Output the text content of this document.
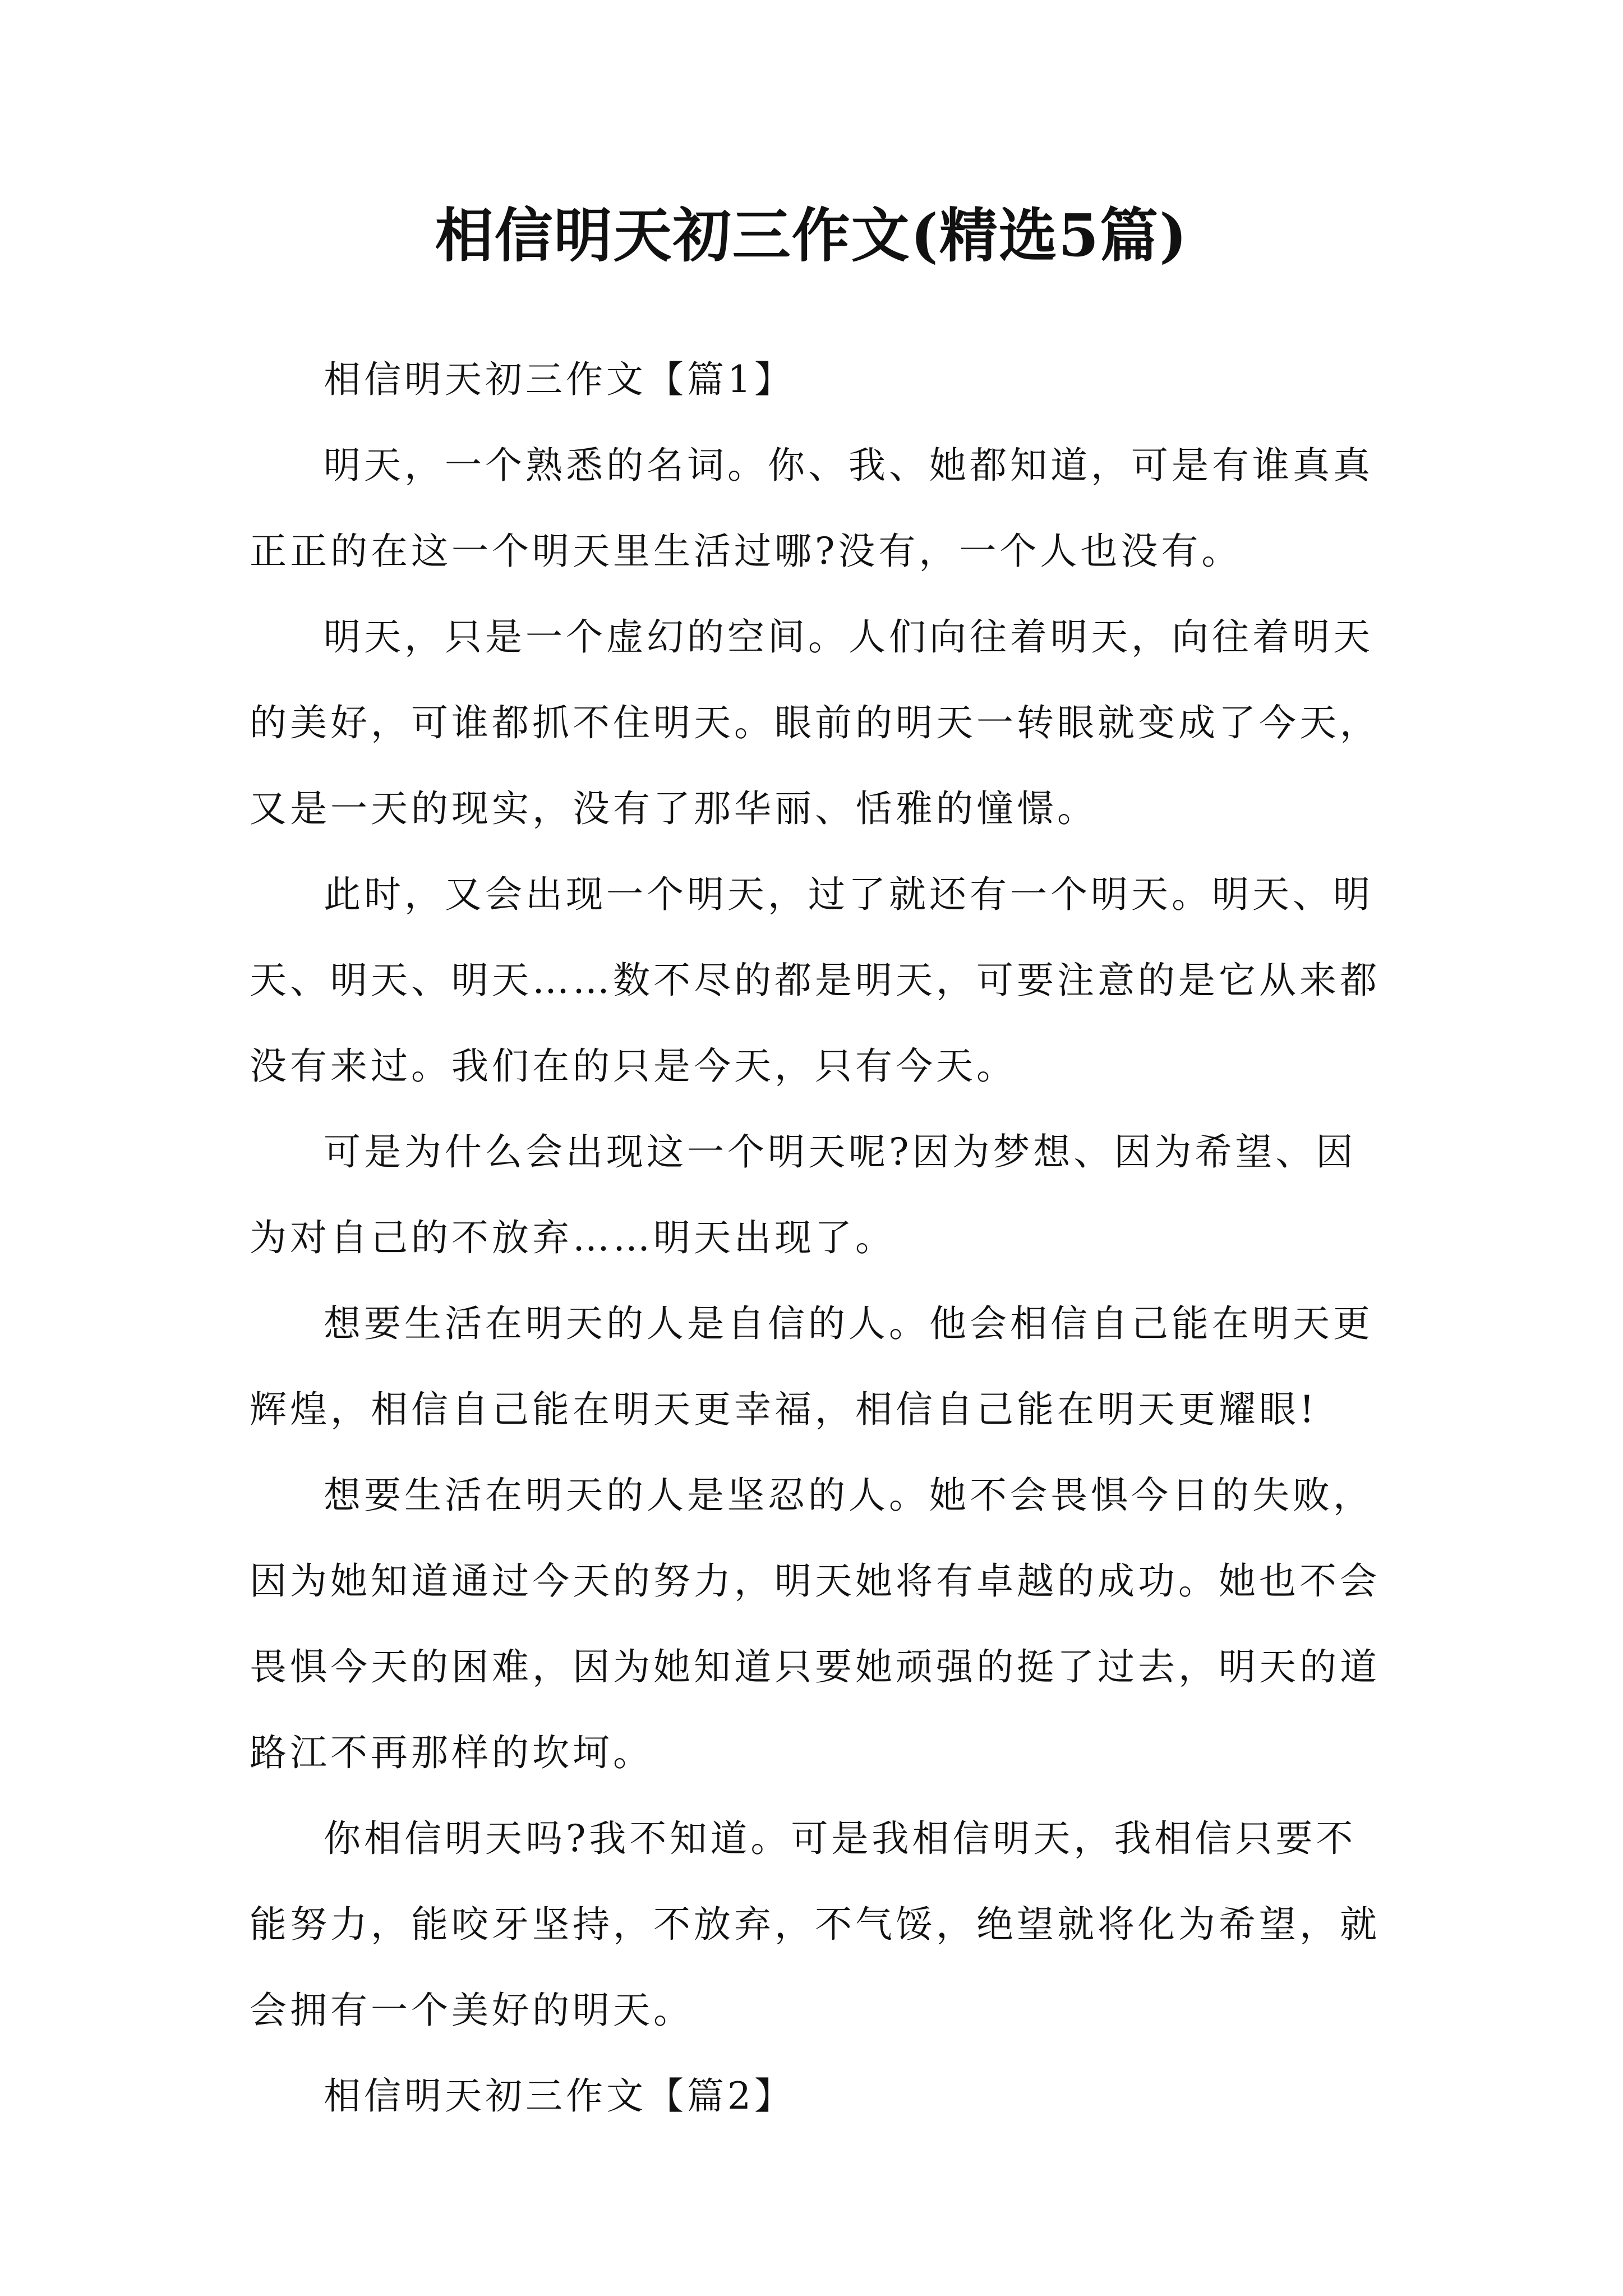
相信明天初三作文(精选5篇)

相信明天初三作文【篇1】

明天，一个熟悉的名词。你、我、她都知道，可是有谁真真正正的在这一个明天里生活过哪?没有，一个人也没有。

明天，只是一个虚幻的空间。人们向往着明天，向往着明天的美好，可谁都抓不住明天。眼前的明天一转眼就变成了今天，又是一天的现实，没有了那华丽、恬雅的憧憬。

此时，又会出现一个明天，过了就还有一个明天。明天、明天、明天、明天……数不尽的都是明天，可要注意的是它从来都没有来过。我们在的只是今天，只有今天。

可是为什么会出现这一个明天呢?因为梦想、因为希望、因为对自己的不放弃……明天出现了。

想要生活在明天的人是自信的人。他会相信自己能在明天更辉煌，相信自己能在明天更幸福，相信自己能在明天更耀眼!

想要生活在明天的人是坚忍的人。她不会畏惧今日的失败，因为她知道通过今天的努力，明天她将有卓越的成功。她也不会畏惧今天的困难，因为她知道只要她顽强的挺了过去，明天的道路江不再那样的坎坷。

你相信明天吗?我不知道。可是我相信明天，我相信只要不能努力，能咬牙坚持，不放弃，不气馁，绝望就将化为希望，就会拥有一个美好的明天。

相信明天初三作文【篇2】
